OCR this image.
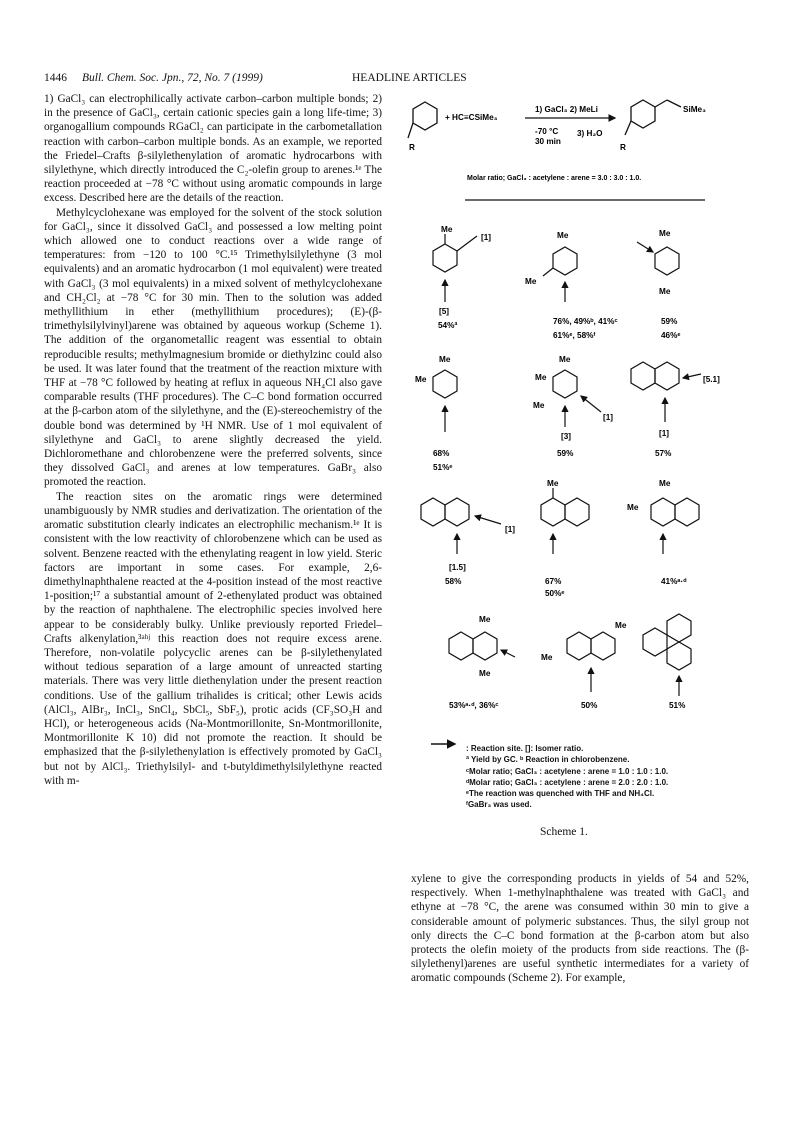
1446 Bull. Chem. Soc. Jpn., 72, No. 7 (1999)	HEADLINE ARTICLES

1) GaCl₃ can electrophilically activate carbon–carbon multiple bonds; 2) in the presence of GaCl₃, certain cationic species gain a long life-time; 3) organogallium compounds RGaCl₂ can participate in the carbometallation reaction with carbon–carbon multiple bonds. As an example, we reported the Friedel–Crafts β-silylethenylation of aromatic hydrocarbons with silylethyne, which directly introduced the C₂-olefin group to arenes.¹ᵉ The reaction proceeded at −78 °C without using aromatic compounds in large excess. Described here are the details of the reaction.

Methylcyclohexane was employed for the solvent of the stock solution for GaCl₃, since it dissolved GaCl₃ and possessed a low melting point which allowed one to conduct reactions over a wide range of temperatures: from −120 to 100 °C.¹⁵ Trimethylsilylethyne (3 mol equivalents) and an aromatic hydrocarbon (1 mol equivalent) were treated with GaCl₃ (3 mol equivalents) in a mixed solvent of methylcyclohexane and CH₂Cl₂ at −78 °C for 30 min. Then to the solution was added methyllithium in ether (methyllithium procedures); (E)-(β-trimethylsilylvinyl)arene was obtained by aqueous workup (Scheme 1). The addition of the organometallic reagent was essential to obtain reproducible results; methylmagnesium bromide or diethylzinc could also be used. It was later found that the treatment of the reaction mixture with THF at −78 °C followed by heating at reflux in aqueous NH₄Cl also gave comparable results (THF procedures). The C–C bond formation occurred at the β-carbon atom of the silylethyne, and the (E)-stereochemistry of the double bond was determined by ¹H NMR. Use of 1 mol equivalent of silylethyne and GaCl₃ to arene slightly decreased the yield. Dichloromethane and chlorobenzene were the preferred solvents, since they dissolved GaCl₃ and arenes at low temperatures. GaBr₃ also promoted the reaction.

The reaction sites on the aromatic rings were determined unambiguously by NMR studies and derivatization. The orientation of the aromatic substitution clearly indicates an electrophilic mechanism.¹ᵉ It is consistent with the low reactivity of chlorobenzene which can be used as solvent. Benzene reacted with the ethenylating reagent in low yield. Steric factors are important in some cases. For example, 2,6-dimethylnaphthalene reacted at the 4-position instead of the most reactive 1-position;¹⁷ a substantial amount of 2-ethenylated product was obtained by the reaction of naphthalene. The electrophilic species involved here appear to be considerably bulky. Unlike previously reported Friedel–Crafts alkenylation,³ᵃʰʲ this reaction does not require excess arene. Therefore, non-volatile polycyclic arenes can be β-silylethenylated without tedious separation of a large amount of unreacted starting materials. There was very little diethenylation under the present reaction conditions. Use of the gallium trihalides is critical; other Lewis acids (AlCl₃, AlBr₃, InCl₃, SnCl₄, SbCl₅, SbF₅), protic acids (CF₃SO₃H and HCl), or heterogeneous acids (Na-Montmorillonite, Sn-Montmorillonite, Montmorillonite K 10) did not promote the reaction. It should be emphasized that the β-silylethenylation is effectively promoted by GaCl₃ but not by AlCl₃. Triethylsilyl- and t-butyldimethylsilylethyne reacted with m-

R
+ HC≡CSiMe₃
1) GaCl₃ 2) MeLi
-70 °C
30 min
3) H₂O
SiMe₃
R
Molar ratio; GaCl₃ : acetylene : arene = 3.0 : 3.0 : 1.0.
Me
[1]
[5]
54%ª
Me
Me
76%, 49%ᵇ, 41%ᶜ
61%ᵉ, 58%ᶠ
Me
Me
59%
46%ᵉ
Me
Me
68%
51%ᵉ
Me
Me
Me
[1]
[3]
59%
[5.1]
[1]
57%
[1.5]
[1]
58%
Me
67%
50%ᵉ
Me
Me
41%ᵃ·ᵈ
Me
Me
53%ᵃ·ᵈ, 36%ᶜ
Me
Me
50%	51%
: Reaction site. []: Isomer ratio.
ª Yield by GC. ᵇ Reaction in chlorobenzene.
ᶜMolar ratio; GaCl₃ : acetylene : arene = 1.0 : 1.0 : 1.0.
ᵈMolar ratio; GaCl₃ : acetylene : arene = 2.0 : 2.0 : 1.0.
ᵉThe reaction was quenched with THF and NH₄Cl.
ᶠGaBr₃ was used.
Scheme 1.

xylene to give the corresponding products in yields of 54 and 52%, respectively. When 1-methylnaphthalene was treated with GaCl₃ and ethyne at −78 °C, the arene was consumed within 30 min to give a considerable amount of polymeric substances. Thus, the silyl group not only directs the C–C bond formation at the β-carbon atom but also protects the olefin moiety of the products from side reactions. The (β-silylethenyl)arenes are useful synthetic intermediates for a variety of aromatic compounds (Scheme 2). For example,
